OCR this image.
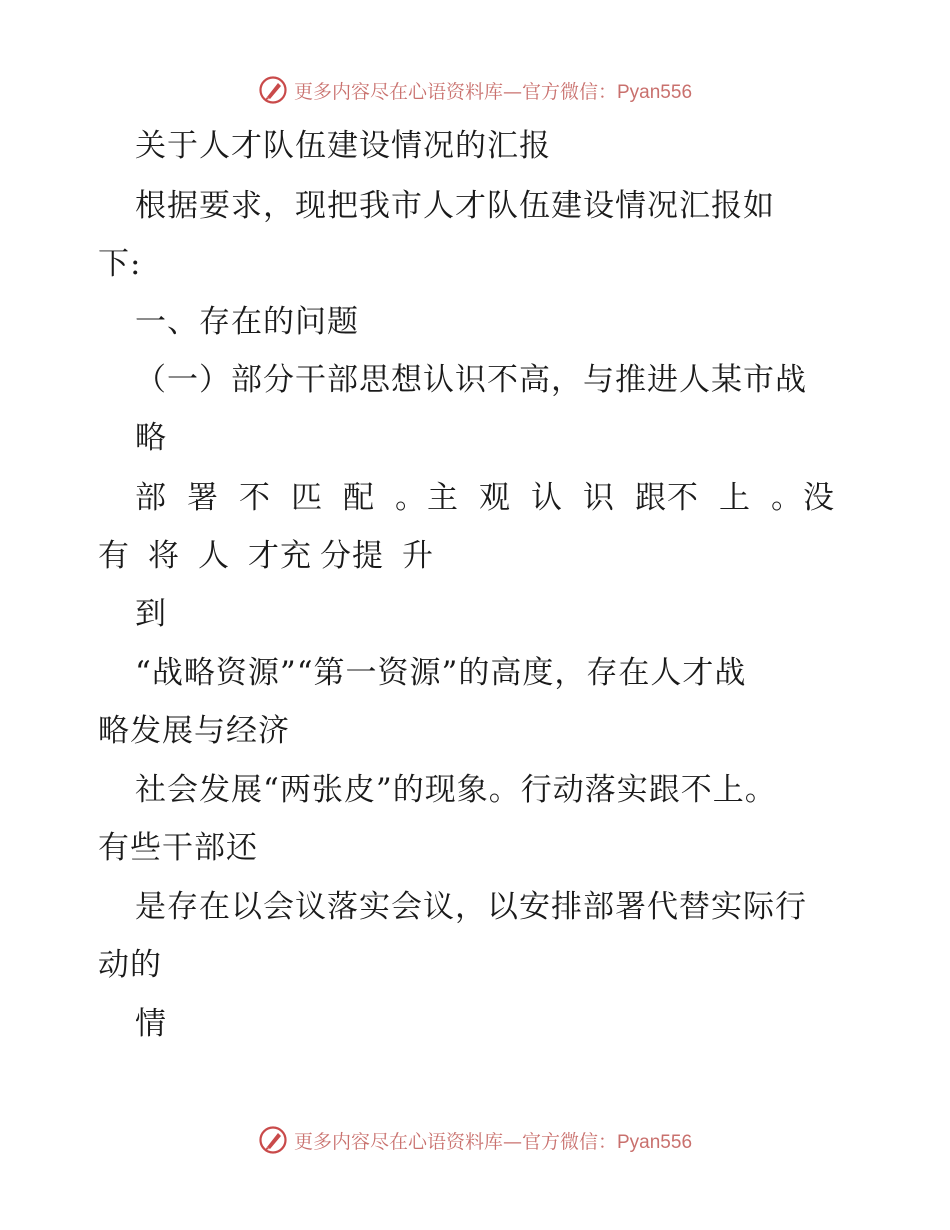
更多内容尽在心语资料库—官方微信：Pyan556
关于人才队伍建设情况的汇报
根据要求，现把我市人才队伍建设情况汇报如
下:
一、存在的问题
（一）部分干部思想认识不高，与推进人某市战
略
部 署 不 匹 配 。主 观 认 识 跟不 上 。没
有 将 人 才充 分提 升
到
“战略资源”“第一资源”的高度，存在人才战
略发展与经济
社会发展“两张皮”的现象。行动落实跟不上。
有些干部还
是存在以会议落实会议，以安排部署代替实际行
动的
情
更多内容尽在心语资料库—官方微信：Pyan556
